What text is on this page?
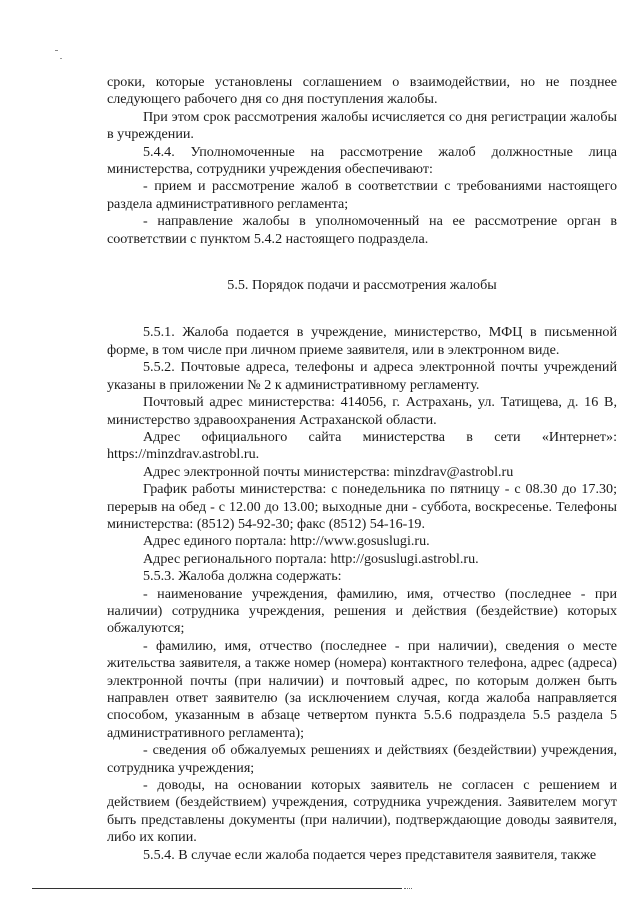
сроки, которые установлены соглашением о взаимодействии, но не позднее следующего рабочего дня со дня поступления жалобы.

При этом срок рассмотрения жалобы исчисляется со дня регистрации жалобы в учреждении.

5.4.4. Уполномоченные на рассмотрение жалоб должностные лица министерства, сотрудники учреждения обеспечивают:

- прием и рассмотрение жалоб в соответствии с требованиями настоящего раздела административного регламента;

- направление жалобы в уполномоченный на ее рассмотрение орган в соответствии с пунктом 5.4.2 настоящего подраздела.

5.5. Порядок подачи и рассмотрения жалобы

5.5.1. Жалоба подается в учреждение, министерство, МФЦ в письменной форме, в том числе при личном приеме заявителя, или в электронном виде.

5.5.2. Почтовые адреса, телефоны и адреса электронной почты учреждений указаны в приложении № 2 к административному регламенту.

Почтовый адрес министерства: 414056, г. Астрахань, ул. Татищева, д. 16 В, министерство здравоохранения Астраханской области.

Адрес официального сайта министерства в сети «Интернет»: https://minzdrav.astrobl.ru.

Адрес электронной почты министерства: minzdrav@astrobl.ru

График работы министерства: с понедельника по пятницу - с 08.30 до 17.30; перерыв на обед - с 12.00 до 13.00; выходные дни - суббота, воскресенье. Телефоны министерства: (8512) 54-92-30; факс (8512) 54-16-19.

Адрес единого портала: http://www.gosuslugi.ru.

Адрес регионального портала: http://gosuslugi.astrobl.ru.

5.5.3. Жалоба должна содержать:

- наименование учреждения, фамилию, имя, отчество (последнее - при наличии) сотрудника учреждения, решения и действия (бездействие) которых обжалуются;

- фамилию, имя, отчество (последнее - при наличии), сведения о месте жительства заявителя, а также номер (номера) контактного телефона, адрес (адреса) электронной почты (при наличии) и почтовый адрес, по которым должен быть направлен ответ заявителю (за исключением случая, когда жалоба направляется способом, указанным в абзаце четвертом пункта 5.5.6 подраздела 5.5 раздела 5 административного регламента);

- сведения об обжалуемых решениях и действиях (бездействии) учреждения, сотрудника учреждения;

- доводы, на основании которых заявитель не согласен с решением и действием (бездействием) учреждения, сотрудника учреждения. Заявителем могут быть представлены документы (при наличии), подтверждающие доводы заявителя, либо их копии.

5.5.4. В случае если жалоба подается через представителя заявителя, также
